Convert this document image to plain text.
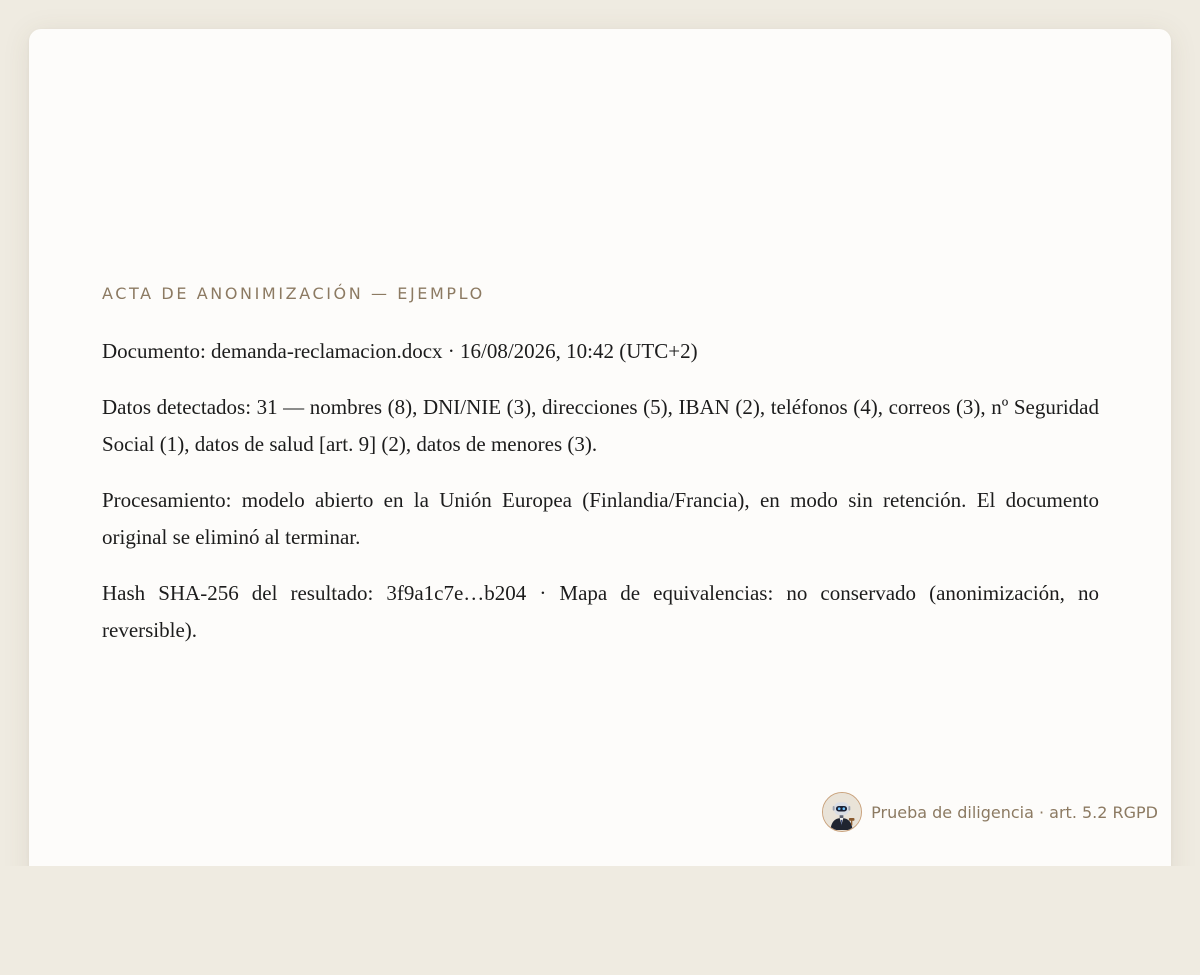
ACTA DE ANONIMIZACIÓN — EJEMPLO

Documento: demanda-reclamacion.docx · 16/08/2026, 10:42 (UTC+2)

Datos detectados: 31 — nombres (8), DNI/NIE (3), direcciones (5), IBAN (2), teléfonos (4), correos (3), nº Seguridad Social (1), datos de salud [art. 9] (2), datos de menores (3).

Procesamiento: modelo abierto en la Unión Europea (Finlandia/Francia), en modo sin retención. El documento original se eliminó al terminar.

Hash SHA-256 del resultado: 3f9a1c7e…b204 · Mapa de equivalencias: no conservado (anonimización, no reversible).

Prueba de diligencia · art. 5.2 RGPD
